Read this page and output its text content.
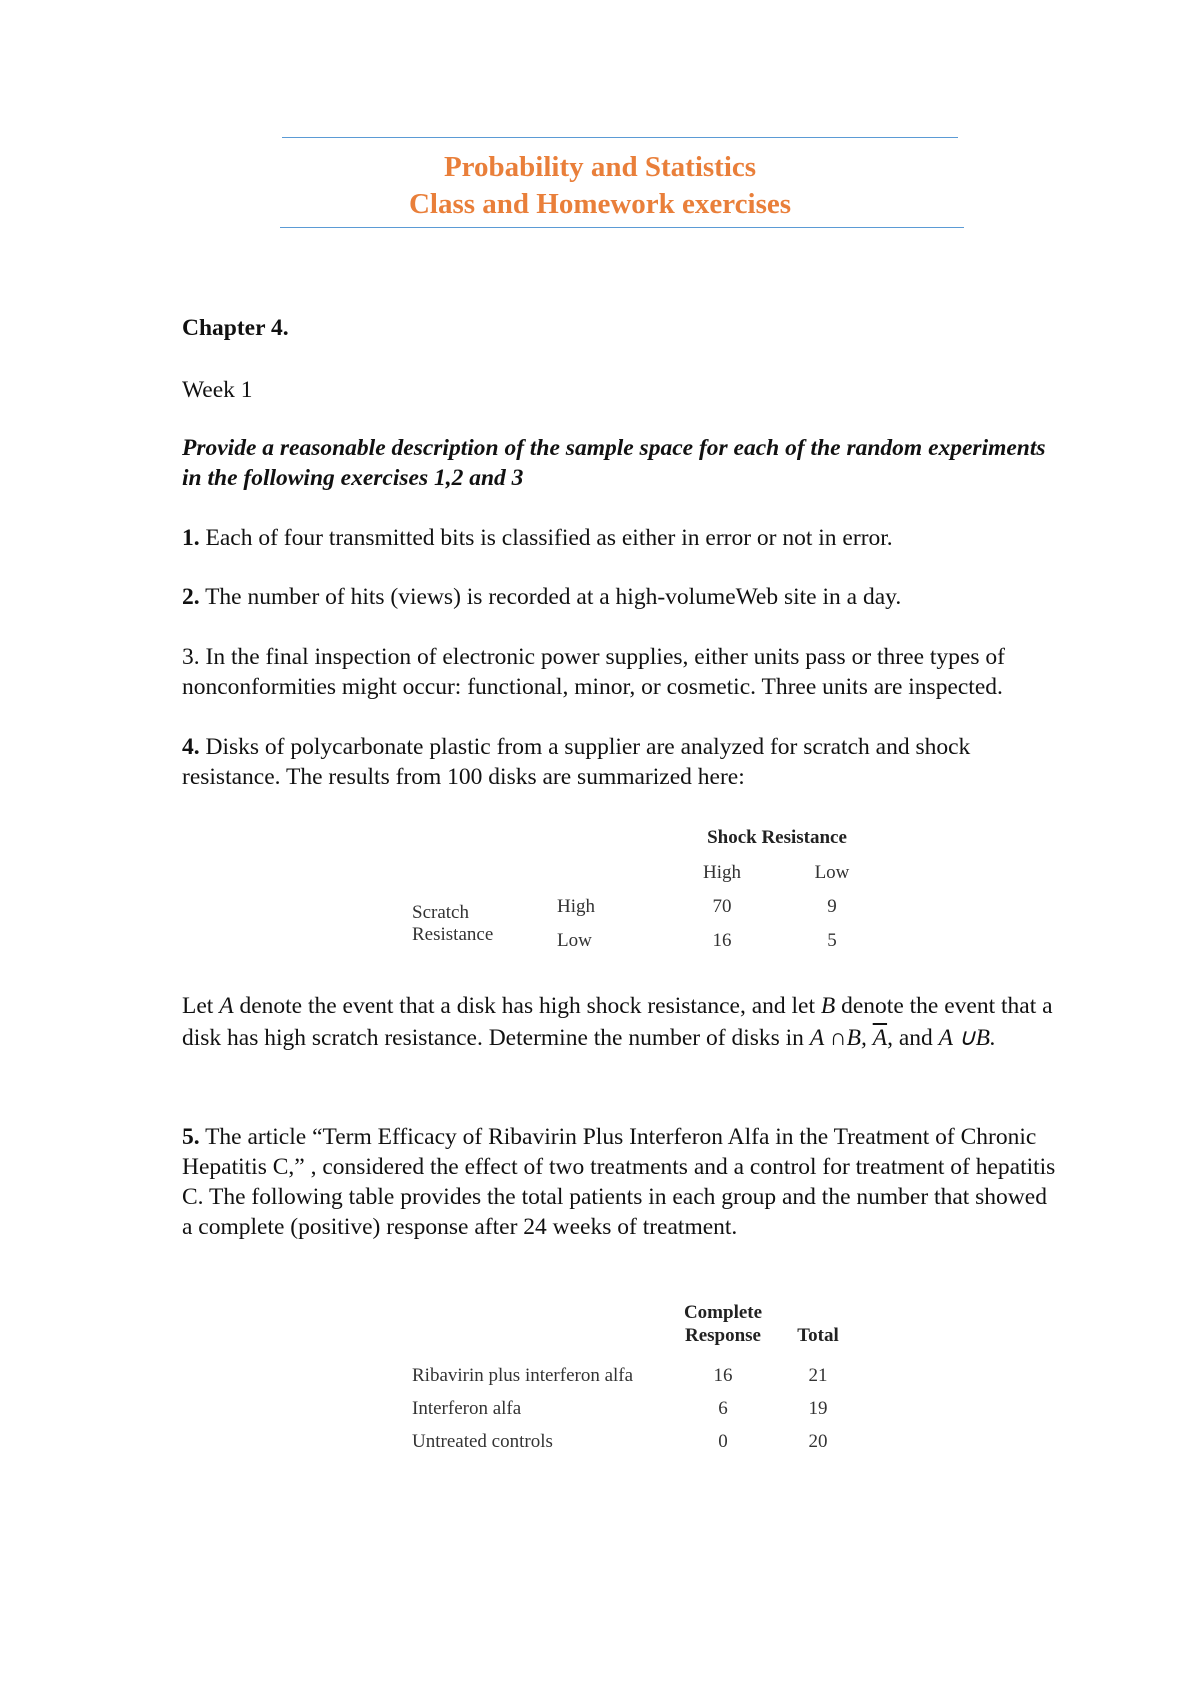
Probability and Statistics
Class and Homework exercises
Chapter 4.
Week 1
Provide a reasonable description of the sample space for each of the random experiments in the following exercises 1,2 and 3
1. Each of four transmitted bits is classified as either in error or not in error.
2. The number of hits (views) is recorded at a high-volumeWeb site in a day.
3. In the final inspection of electronic power supplies, either units pass or three types of nonconformities might occur: functional, minor, or cosmetic. Three units are inspected.
4. Disks of polycarbonate plastic from a supplier are analyzed for scratch and shock resistance. The results from 100 disks are summarized here:
		Shock Resistance	
		High	Low
Scratch	High	70	9
Resistance	Low	16	5
Let A denote the event that a disk has high shock resistance, and let B denote the event that a disk has high scratch resistance. Determine the number of disks in A ∩B, $\overline{A}$, and A ∪B.
5. The article “Term Efficacy of Ribavirin Plus Interferon Alfa in the Treatment of Chronic Hepatitis C,” , considered the effect of two treatments and a control for treatment of hepatitis C. The following table provides the total patients in each group and the number that showed a complete (positive) response after 24 weeks of treatment.
	Complete	
	Response	Total
Ribavirin plus interferon alfa	16	21
Interferon alfa	6	19
Untreated controls	0	20
